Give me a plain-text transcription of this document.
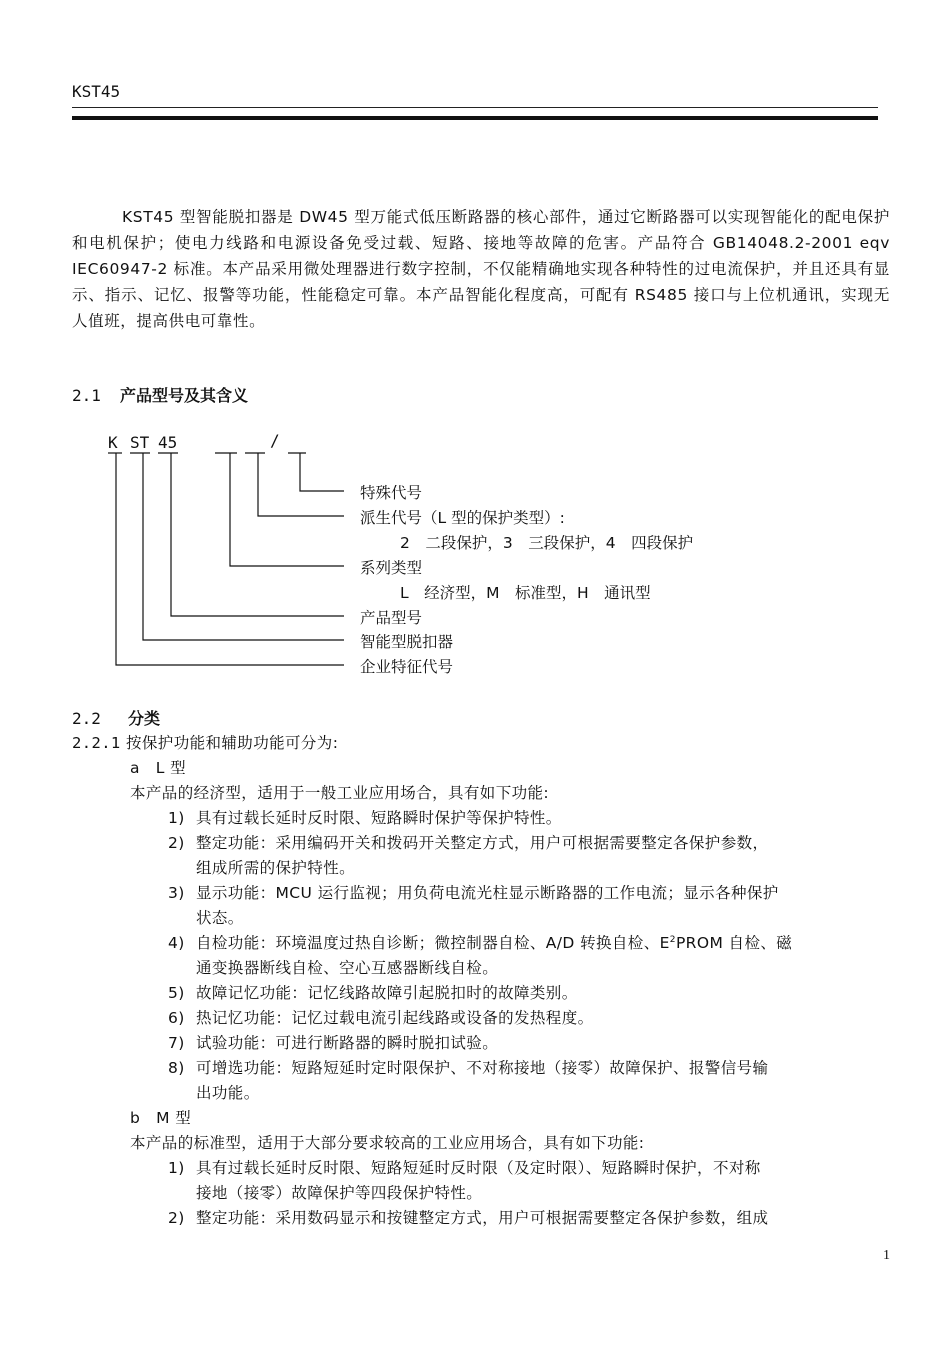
KST45

KST45 型智能脱扣器是 DW45 型万能式低压断路器的核心部件，通过它断路器可以实现智能化的配电保护和电机保护；使电力线路和电源设备免受过载、短路、接地等故障的危害。产品符合 GB14048.2-2001 eqv IEC60947-2 标准。本产品采用微处理器进行数字控制，不仅能精确地实现各种特性的过电流保护，并且还具有显示、指示、记忆、报警等功能，性能稳定可靠。本产品智能化程度高，可配有 RS485 接口与上位机通讯，实现无人值班，提高供电可靠性。

2.1 产品型号及其含义
K ST 45	/
特殊代号
派生代号（L 型的保护类型）:
2　二段保护，3　三段保护，4　四段保护
系列类型
L　经济型，M　标准型，H　通讯型
产品型号
智能型脱扣器
企业特征代号
2.2 分类
2.2.1 按保护功能和辅助功能可分为:
a　L 型
本产品的经济型，适用于一般工业应用场合，具有如下功能:
1) 具有过载长延时反时限、短路瞬时保护等保护特性。
2) 整定功能：采用编码开关和拨码开关整定方式，用户可根据需要整定各保护参数，
组成所需的保护特性。
3) 显示功能：MCU 运行监视；用负荷电流光柱显示断路器的工作电流；显示各种保护
状态。
4) 自检功能：环境温度过热自诊断；微控制器自检、A/D 转换自检、$E^2PROM$ 自检、磁
通变换器断线自检、空心互感器断线自检。
5) 故障记忆功能：记忆线路故障引起脱扣时的故障类别。
6) 热记忆功能：记忆过载电流引起线路或设备的发热程度。
7) 试验功能：可进行断路器的瞬时脱扣试验。
8) 可增选功能：短路短延时定时限保护、不对称接地（接零）故障保护、报警信号输
出功能。
b　M 型
本产品的标准型，适用于大部分要求较高的工业应用场合，具有如下功能:
1) 具有过载长延时反时限、短路短延时反时限（及定时限）、短路瞬时保护，不对称
接地（接零）故障保护等四段保护特性。
2) 整定功能：采用数码显示和按键整定方式，用户可根据需要整定各保护参数，组成
1
